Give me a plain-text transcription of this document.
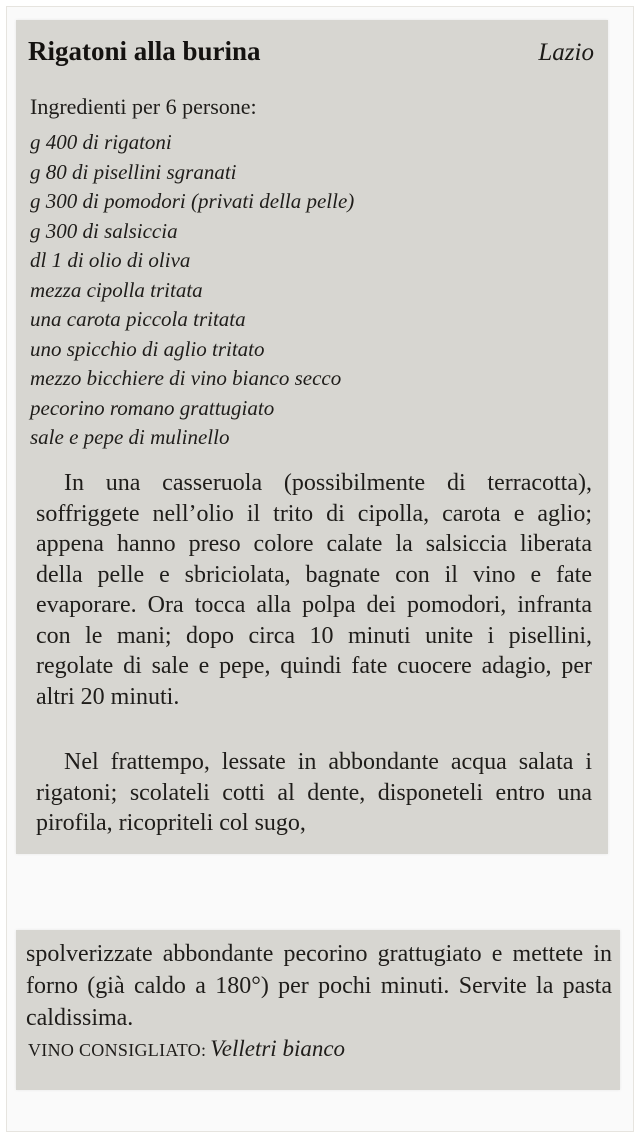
Rigatoni alla burina	Lazio
Ingredienti per 6 persone:
g 400 di rigatoni
g 80 di pisellini sgranati
g 300 di pomodori (privati della pelle)
g 300 di salsiccia
dl 1 di olio di oliva
mezza cipolla tritata
una carota piccola tritata
uno spicchio di aglio tritato
mezzo bicchiere di vino bianco secco
pecorino romano grattugiato
sale e pepe di mulinello

In una casseruola (possibilmente di terracotta), soffriggete nell’olio il trito di cipolla, carota e aglio; appena hanno preso colore calate la salsiccia liberata della pelle e sbriciolata, bagnate con il vino e fate evaporare. Ora tocca alla polpa dei pomodori, infranta con le mani; dopo circa 10 minuti unite i pisellini, regolate di sale e pepe, quindi fate cuocere adagio, per altri 20 minuti.

Nel frattempo, lessate in abbondante acqua salata i rigatoni; scolateli cotti al dente, disponeteli entro una pirofila, ricopriteli col sugo,

spolverizzate abbondante pecorino grattugiato e mettete in forno (già caldo a 180°) per pochi minuti. Servite la pasta caldissima.

VINO CONSIGLIATO: Velletri bianco
